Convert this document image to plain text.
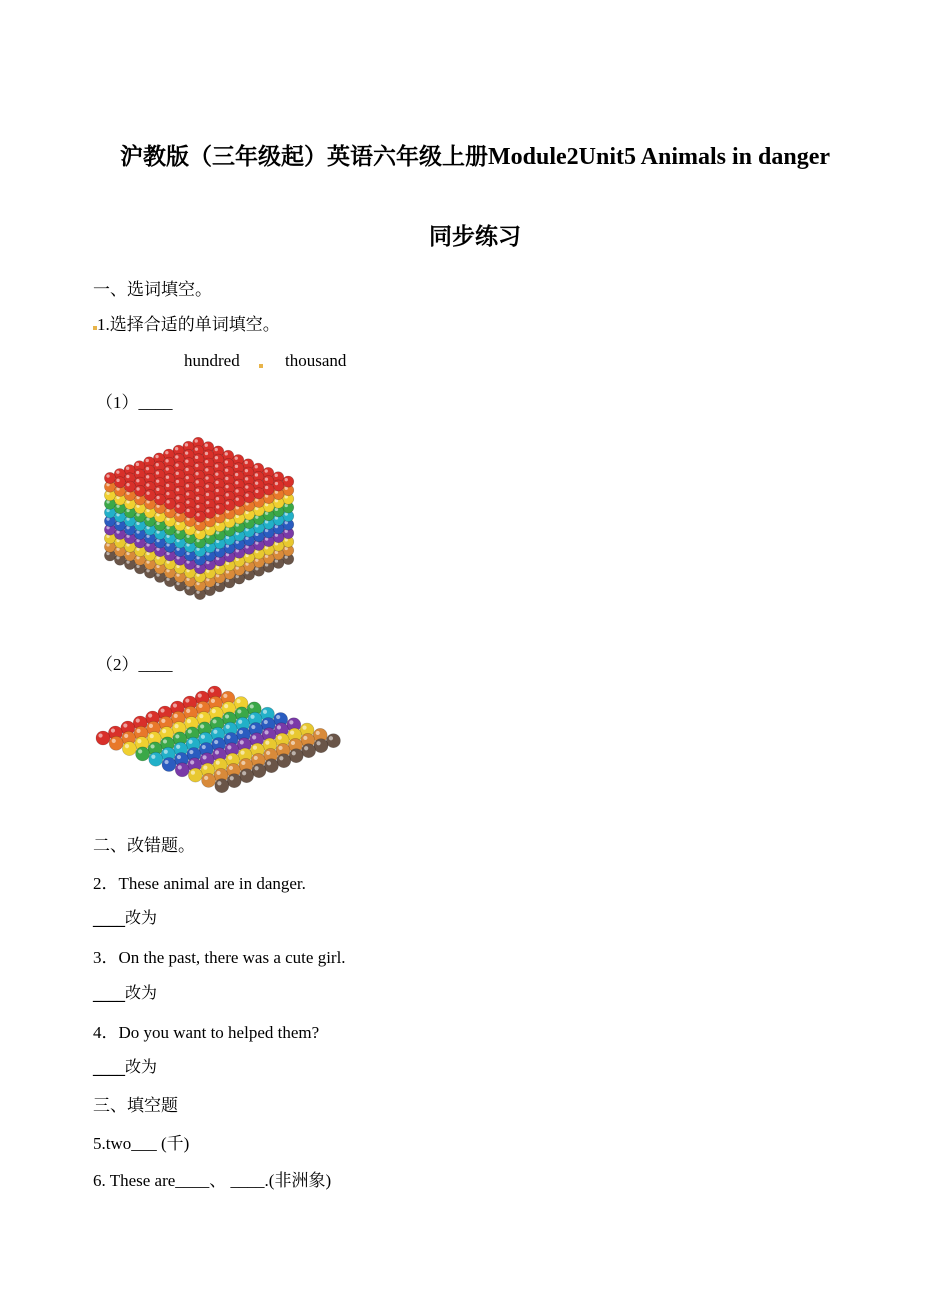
沪教版（三年级起）英语六年级上册Module2Unit5 Animals in danger
同步练习
一、选词填空。
1.选择合适的单词填空。
hundred	thousand
（1）____
（2）____
二、改错题。
2．These animal are in danger.
____改为
3．On the past, there was a cute girl.
____改为
4．Do you want to helped them?
____改为
三、填空题
5.two___ (千)
6. These are____、 ____.(非洲象)
